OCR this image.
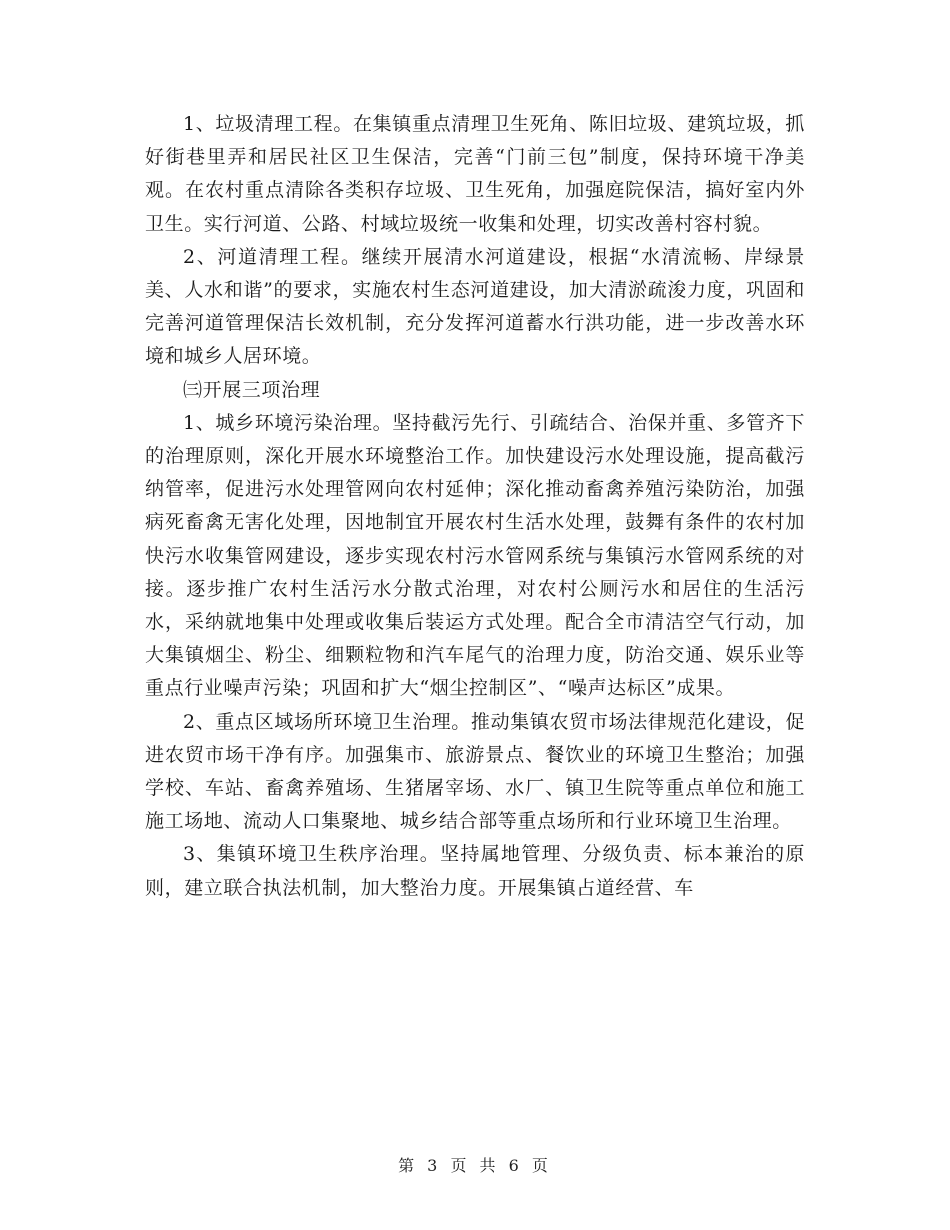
1、垃圾清理工程。在集镇重点清理卫生死角、陈旧垃圾、建筑垃圾，抓好街巷里弄和居民社区卫生保洁，完善“门前三包”制度，保持环境干净美观。在农村重点清除各类积存垃圾、卫生死角，加强庭院保洁，搞好室内外卫生。实行河道、公路、村域垃圾统一收集和处理，切实改善村容村貌。

2、河道清理工程。继续开展清水河道建设，根据“水清流畅、岸绿景美、人水和谐”的要求，实施农村生态河道建设，加大清淤疏浚力度，巩固和完善河道管理保洁长效机制，充分发挥河道蓄水行洪功能，进一步改善水环境和城乡人居环境。

㈢开展三项治理

1、城乡环境污染治理。坚持截污先行、引疏结合、治保并重、多管齐下的治理原则，深化开展水环境整治工作。加快建设污水处理设施，提高截污纳管率，促进污水处理管网向农村延伸；深化推动畜禽养殖污染防治，加强病死畜禽无害化处理，因地制宜开展农村生活水处理，鼓舞有条件的农村加快污水收集管网建设，逐步实现农村污水管网系统与集镇污水管网系统的对接。逐步推广农村生活污水分散式治理，对农村公厕污水和居住的生活污水，采纳就地集中处理或收集后装运方式处理。配合全市清洁空气行动，加大集镇烟尘、粉尘、细颗粒物和汽车尾气的治理力度，防治交通、娱乐业等重点行业噪声污染；巩固和扩大“烟尘控制区”、“噪声达标区”成果。

2、重点区域场所环境卫生治理。推动集镇农贸市场法律规范化建设，促进农贸市场干净有序。加强集市、旅游景点、餐饮业的环境卫生整治；加强学校、车站、畜禽养殖场、生猪屠宰场、水厂、镇卫生院等重点单位和施工施工场地、流动人口集聚地、城乡结合部等重点场所和行业环境卫生治理。

3、集镇环境卫生秩序治理。坚持属地管理、分级负责、标本兼治的原则，建立联合执法机制，加大整治力度。开展集镇占道经营、车

第 3 页 共 6 页
